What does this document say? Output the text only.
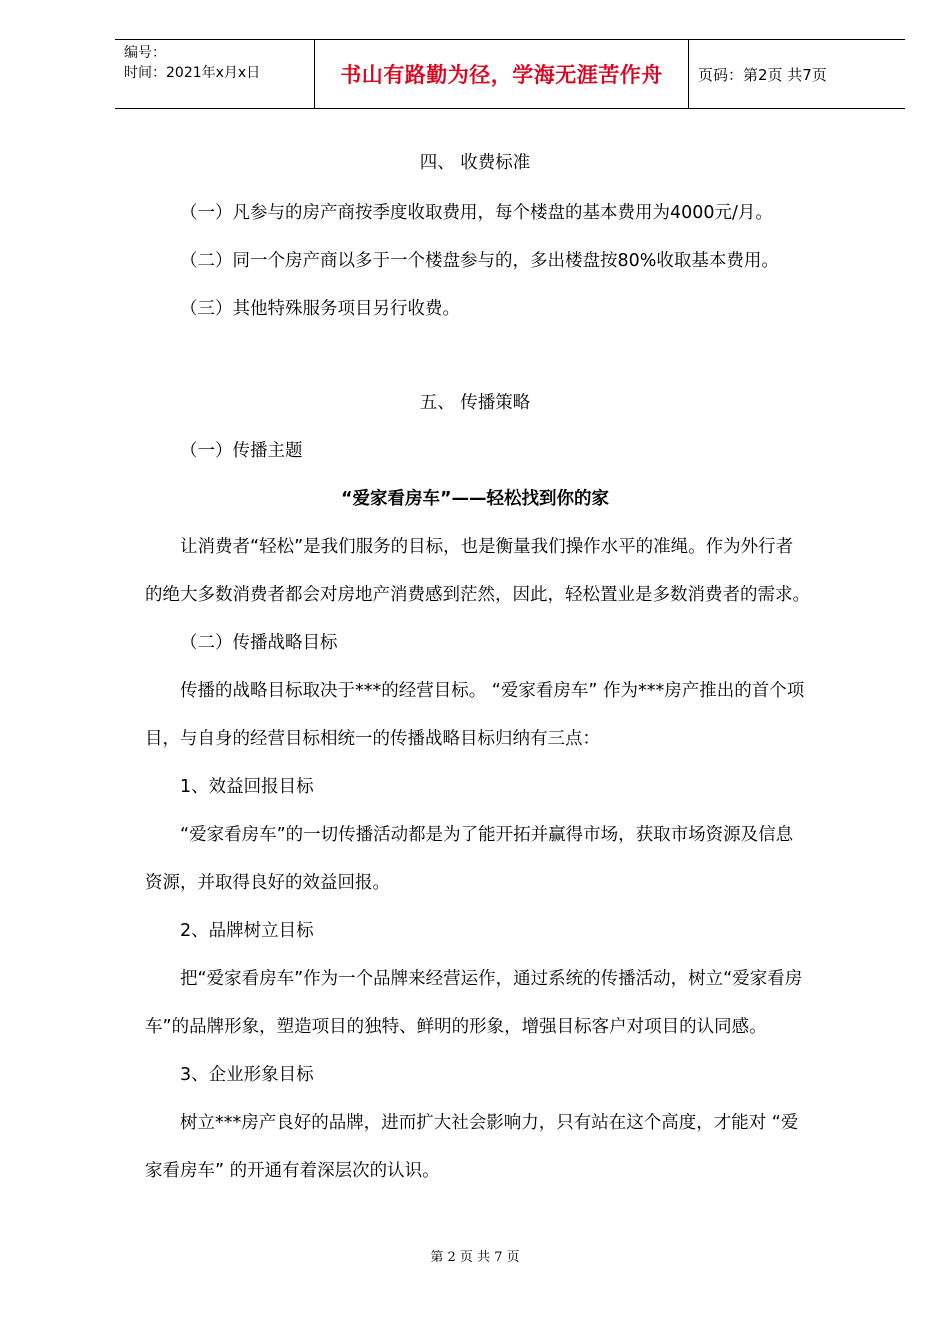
编号：
时间：2021年x月x日	书山有路勤为径，学海无涯苦作舟	页码：第2页 共7页
四、 收费标准
（一）凡参与的房产商按季度收取费用，每个楼盘的基本费用为4000元/月。
（二）同一个房产商以多于一个楼盘参与的，多出楼盘按80%收取基本费用。
（三）其他特殊服务项目另行收费。
五、 传播策略
（一）传播主题
“爱家看房车”——轻松找到你的家
让消费者“轻松”是我们服务的目标，也是衡量我们操作水平的准绳。作为外行者
的绝大多数消费者都会对房地产消费感到茫然，因此，轻松置业是多数消费者的需求。
（二）传播战略目标
传播的战略目标取决于***的经营目标。 “爱家看房车” 作为***房产推出的首个项
目，与自身的经营目标相统一的传播战略目标归纳有三点：
1、效益回报目标
“爱家看房车”的一切传播活动都是为了能开拓并赢得市场，获取市场资源及信息
资源，并取得良好的效益回报。
2、品牌树立目标
把“爱家看房车”作为一个品牌来经营运作，通过系统的传播活动，树立“爱家看房
车”的品牌形象，塑造项目的独特、鲜明的形象，增强目标客户对项目的认同感。
3、企业形象目标
树立***房产良好的品牌，进而扩大社会影响力，只有站在这个高度，才能对 “爱
家看房车” 的开通有着深层次的认识。
第 2 页 共 7 页
